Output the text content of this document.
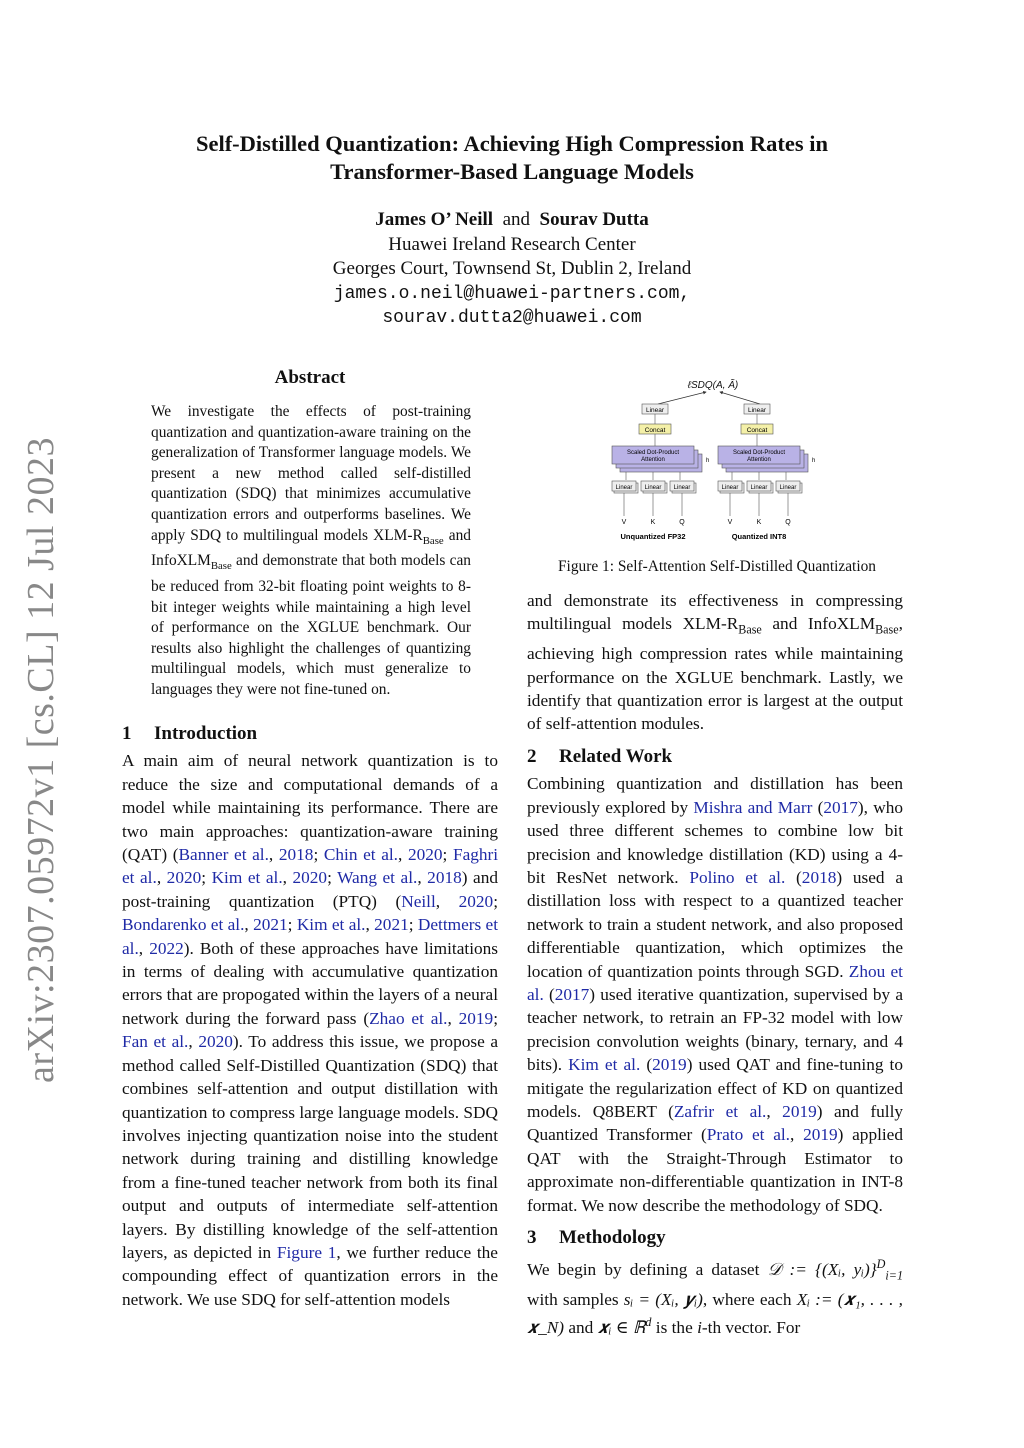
arXiv:2307.05972v1 [cs.CL] 12 Jul 2023
Self-Distilled Quantization: Achieving High Compression Rates in
Transformer-Based Language Models
James O’ Neill and Sourav Dutta
Huawei Ireland Research Center
Georges Court, Townsend St, Dublin 2, Ireland
james.o.neil@huawei-partners.com,
sourav.dutta2@huawei.com
Abstract
We investigate the effects of post-training quantization and quantization-aware training on the generalization of Transformer language models. We present a new method called self-distilled quantization (SDQ) that minimizes accumulative quantization errors and outperforms baselines. We apply SDQ to multilingual models XLM-$R_{Base}$ and InfoXLM$_{Base}$ and demonstrate that both models can be reduced from 32-bit floating point weights to 8-bit integer weights while maintaining a high level of performance on the XGLUE benchmark. Our results also highlight the challenges of quantizing multilingual models, which must generalize to languages they were not fine-tuned on.
1 Introduction

A main aim of neural network quantization is to reduce the size and computational demands of a model while maintaining its performance. There are two main approaches: quantization-aware training (QAT) (Banner et al., 2018; Chin et al., 2020; Faghri et al., 2020; Kim et al., 2020; Wang et al., 2018) and post-training quantization (PTQ) (Neill, 2020; Bondarenko et al., 2021; Kim et al., 2021; Dettmers et al., 2022). Both of these approaches have limitations in terms of dealing with accumulative quantization errors that are propogated within the layers of a neural network during the forward pass (Zhao et al., 2019; Fan et al., 2020). To address this issue, we propose a method called Self-Distilled Quantization (SDQ) that combines self-attention and output distillation with quantization to compress large language models. SDQ involves injecting quantization noise into the student network during training and distilling knowledge from a fine-tuned teacher network from both its final output and outputs of intermediate self-attention layers. By distilling knowledge of the self-attention layers, as depicted in Figure 1, we further reduce the compounding effect of quantization errors in the network. We use SDQ for self-attention models

ℓSDQ(A, Ã)
Linear
Concat
Scaled Dot-Product
Attention	h
Linear Linear Linear
V	K	Q
Unquantized FP32
Linear
Concat
Scaled Dot-Product
Attention	h
Linear Linear Linear
V	K	Q
Quantized INT8
Figure 1: Self-Attention Self-Distilled Quantization

and demonstrate its effectiveness in compressing multilingual models XLM-$R_{Base}$ and InfoXLM$_{Base}$, achieving high compression rates while maintaining performance on the XGLUE benchmark. Lastly, we identify that quantization error is largest at the output of self-attention modules.

2 Related Work

Combining quantization and distillation has been previously explored by Mishra and Marr (2017), who used three different schemes to combine low bit precision and knowledge distillation (KD) using a 4-bit ResNet network. Polino et al. (2018) used a distillation loss with respect to a quantized teacher network to train a student network, and also proposed differentiable quantization, which optimizes the location of quantization points through SGD. Zhou et al. (2017) used iterative quantization, supervised by a teacher network, to retrain an FP-32 model with low precision convolution weights (binary, ternary, and 4 bits). Kim et al. (2019) used QAT and fine-tuning to mitigate the regularization effect of KD on quantized models. Q8BERT (Zafrir et al., 2019) and fully Quantized Transformer (Prato et al., 2019) applied QAT with the Straight-Through Estimator to approximate non-differentiable quantization in INT-8 format. We now describe the methodology of SDQ.

3 Methodology

We begin by defining a dataset 𝒟 := {(Xᵢ, yᵢ)}$^D_{i=1}$ with samples sᵢ = (Xᵢ, 𝒚ᵢ), where each Xᵢ := (𝒙₁, . . . , 𝒙_N) and 𝒙ᵢ ∈ ℝ$^d$ is the i-th vector. For
